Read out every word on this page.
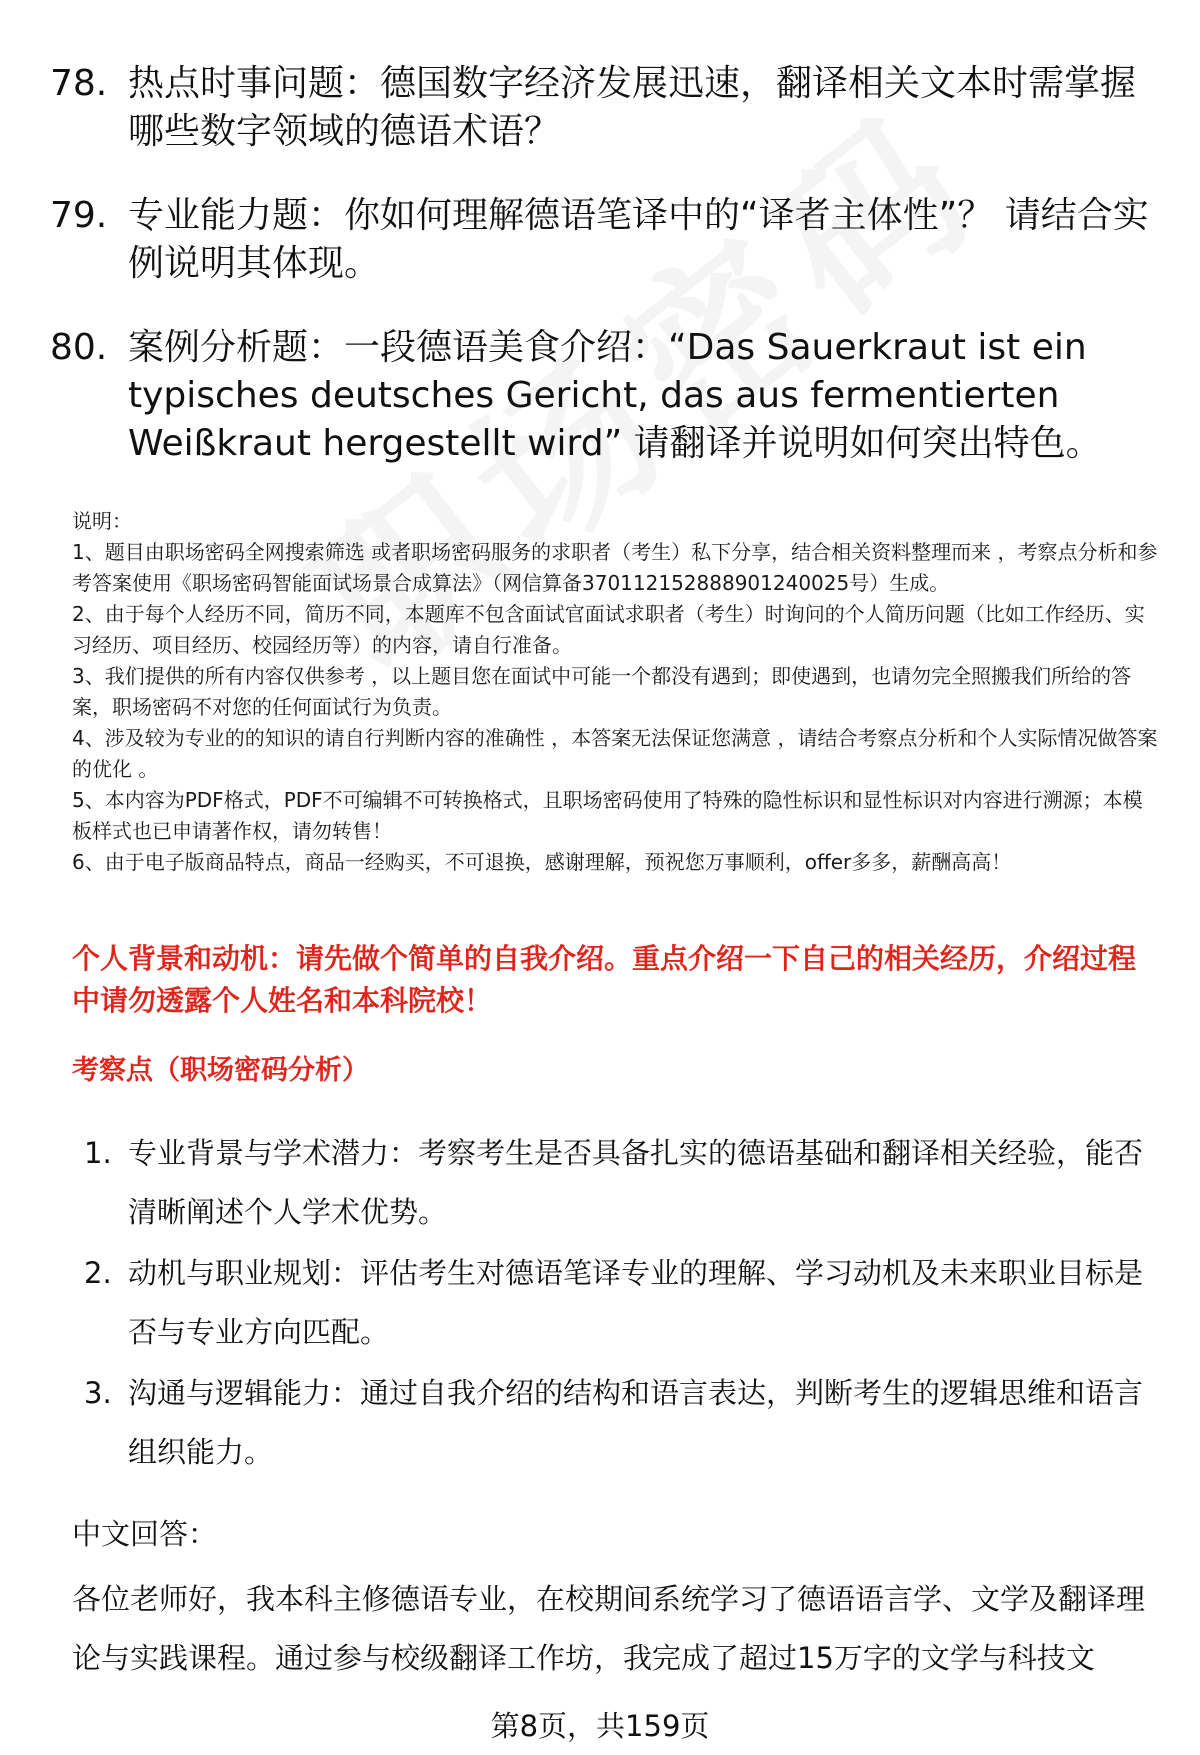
78. 热点时事问题：德国数字经济发展迅速，翻译相关文本时需掌握哪些数字领域的德语术语？
79. 专业能力题：你如何理解德语笔译中的“译者主体性”？ 请结合实例说明其体现。
80. 案例分析题：一段德语美食介绍：“Das Sauerkraut ist ein typisches deutsches Gericht, das aus fermentierten Weißkraut hergestellt wird” 请翻译并说明如何突出特色。

说明：

1、题目由职场密码全网搜索筛选 或者职场密码服务的求职者（考生）私下分享，结合相关资料整理而来 ，考察点分析和参考答案使用《职场密码智能面试场景合成算法》（网信算备370112152888901240025号）生成。

2、由于每个人经历不同，简历不同，本题库不包含面试官面试求职者（考生）时询问的个人简历问题（比如工作经历、实习经历、项目经历、校园经历等）的内容，请自行准备。

3、我们提供的所有内容仅供参考 ，以上题目您在面试中可能一个都没有遇到；即使遇到，也请勿完全照搬我们所给的答案，职场密码不对您的任何面试行为负责。

4、涉及较为专业的的知识的请自行判断内容的准确性 ，本答案无法保证您满意 ，请结合考察点分析和个人实际情况做答案的优化 。

5、本内容为PDF格式，PDF不可编辑不可转换格式，且职场密码使用了特殊的隐性标识和显性标识对内容进行溯源；本模板样式也已申请著作权，请勿转售！

6、由于电子版商品特点，商品一经购买，不可退换，感谢理解，预祝您万事顺利，offer多多，薪酬高高！

个人背景和动机：请先做个简单的自我介绍。重点介绍一下自己的相关经历，介绍过程中请勿透露个人姓名和本科院校！
考察点（职场密码分析）
1. 专业背景与学术潜力：考察考生是否具备扎实的德语基础和翻译相关经验，能否清晰阐述个人学术优势。
2. 动机与职业规划：评估考生对德语笔译专业的理解、学习动机及未来职业目标是否与专业方向匹配。
3. 沟通与逻辑能力：通过自我介绍的结构和语言表达，判断考生的逻辑思维和语言组织能力。
中文回答：
各位老师好，我本科主修德语专业，在校期间系统学习了德语语言学、文学及翻译理论与实践课程。通过参与校级翻译工作坊，我完成了超过15万字的文学与科技文
第8页，共159页
